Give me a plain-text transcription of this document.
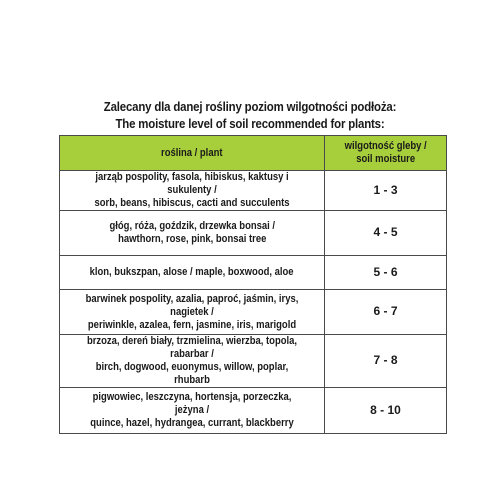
Zalecany dla danej rośliny poziom wilgotności podłoża:
The moisture level of soil recommended for plants:
roślina / plant	wilgotność gleby /
soil moisture
jarząb pospolity, fasola, hibiskus, kaktusy i sukulenty /
sorb, beans, hibiscus, cacti and succulents	1 - 3
głóg, róża, goździk, drzewka bonsai /
hawthorn, rose, pink, bonsai tree	4 - 5
klon, bukszpan, alose / maple, boxwood, aloe	5 - 6
barwinek pospolity, azalia, paproć, jaśmin, irys, nagietek /
periwinkle, azalea, fern, jasmine, iris, marigold	6 - 7
brzoza, dereń biały, trzmielina, wierzba, topola, rabarbar /
birch, dogwood, euonymus, willow, poplar, rhubarb	7 - 8
pigwowiec, leszczyna, hortensja, porzeczka, jeżyna /
quince, hazel, hydrangea, currant, blackberry	8 - 10
